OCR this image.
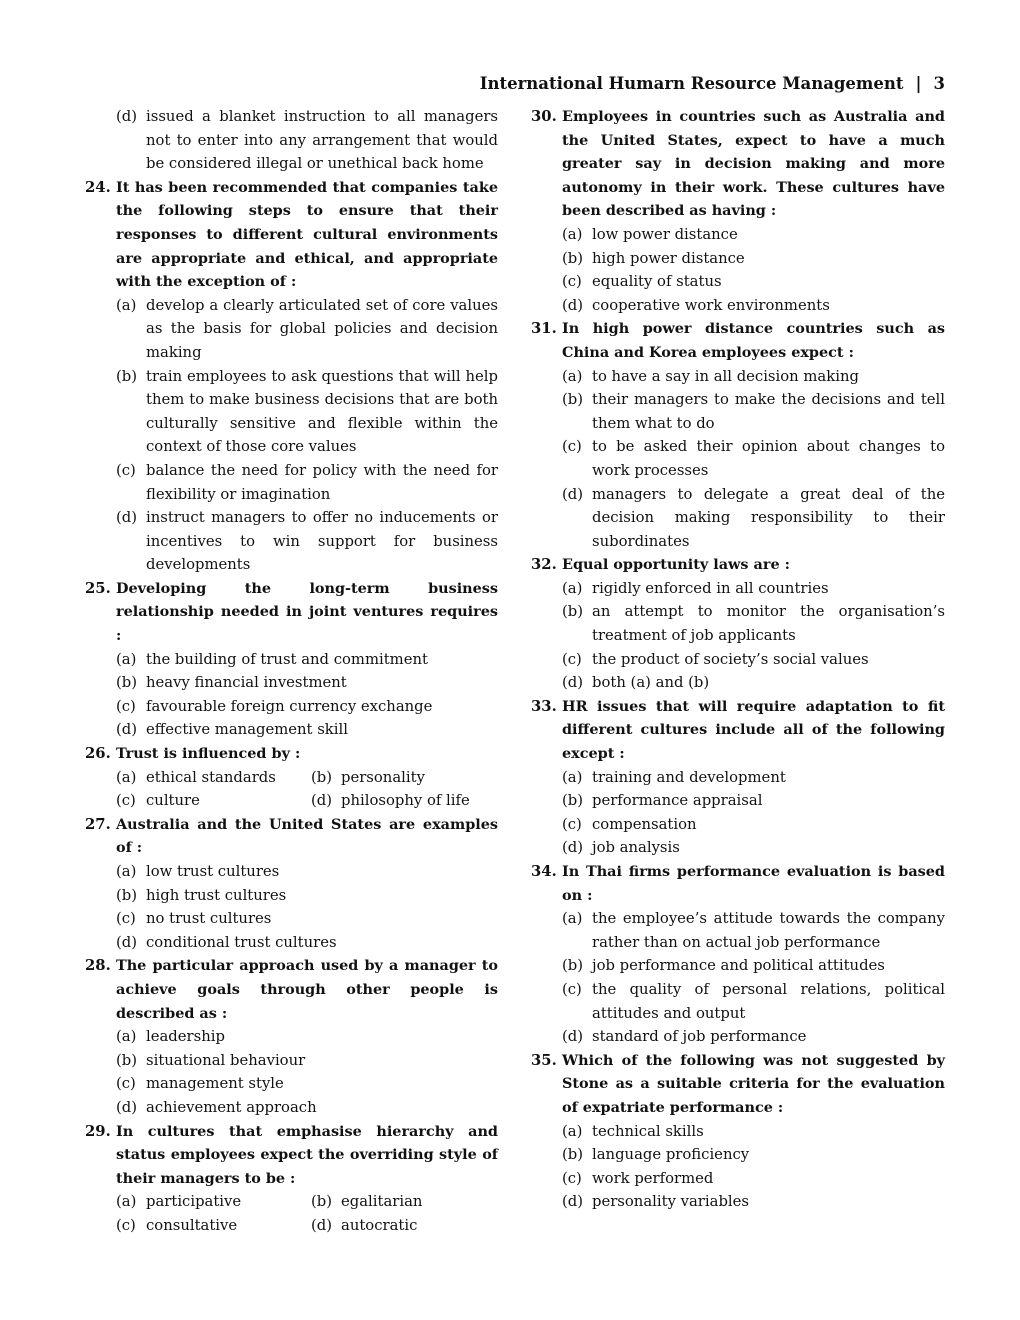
International Humarn Resource Management | 3
(d) issued a blanket instruction to all managers not to enter into any arrangement that would be considered illegal or unethical back home
24. It has been recommended that companies take the following steps to ensure that their responses to different cultural environments are appropriate and ethical, and appropriate with the exception of :
(a) develop a clearly articulated set of core values as the basis for global policies and decision making
(b) train employees to ask questions that will help them to make business decisions that are both culturally sensitive and flexible within the context of those core values
(c) balance the need for policy with the need for flexibility or imagination
(d) instruct managers to offer no inducements or incentives to win support for business developments
25. Developing the long-term business relationship needed in joint ventures requires :
(a) the building of trust and commitment
(b) heavy financial investment
(c) favourable foreign currency exchange
(d) effective management skill
26. Trust is influenced by :
(a) ethical standards	(b) personality
(c) culture	(d) philosophy of life
27. Australia and the United States are examples of :
(a) low trust cultures
(b) high trust cultures
(c) no trust cultures
(d) conditional trust cultures
28. The particular approach used by a manager to achieve goals through other people is described as :
(a) leadership
(b) situational behaviour
(c) management style
(d) achievement approach
29. In cultures that emphasise hierarchy and status employees expect the overriding style of their managers to be :
(a) participative	(b) egalitarian
(c) consultative	(d) autocratic
30. Employees in countries such as Australia and the United States, expect to have a much greater say in decision making and more autonomy in their work. These cultures have been described as having :
(a) low power distance
(b) high power distance
(c) equality of status
(d) cooperative work environments
31. In high power distance countries such as China and Korea employees expect :
(a) to have a say in all decision making
(b) their managers to make the decisions and tell them what to do
(c) to be asked their opinion about changes to work processes
(d) managers to delegate a great deal of the decision making responsibility to their subordinates
32. Equal opportunity laws are :
(a) rigidly enforced in all countries
(b) an attempt to monitor the organisation’s treatment of job applicants
(c) the product of society’s social values
(d) both (a) and (b)
33. HR issues that will require adaptation to fit different cultures include all of the following except :
(a) training and development
(b) performance appraisal
(c) compensation
(d) job analysis
34. In Thai firms performance evaluation is based on :
(a) the employee’s attitude towards the company rather than on actual job performance
(b) job performance and political attitudes
(c) the quality of personal relations, political attitudes and output
(d) standard of job performance
35. Which of the following was not suggested by Stone as a suitable criteria for the evaluation of expatriate performance :
(a) technical skills
(b) language proficiency
(c) work performed
(d) personality variables
